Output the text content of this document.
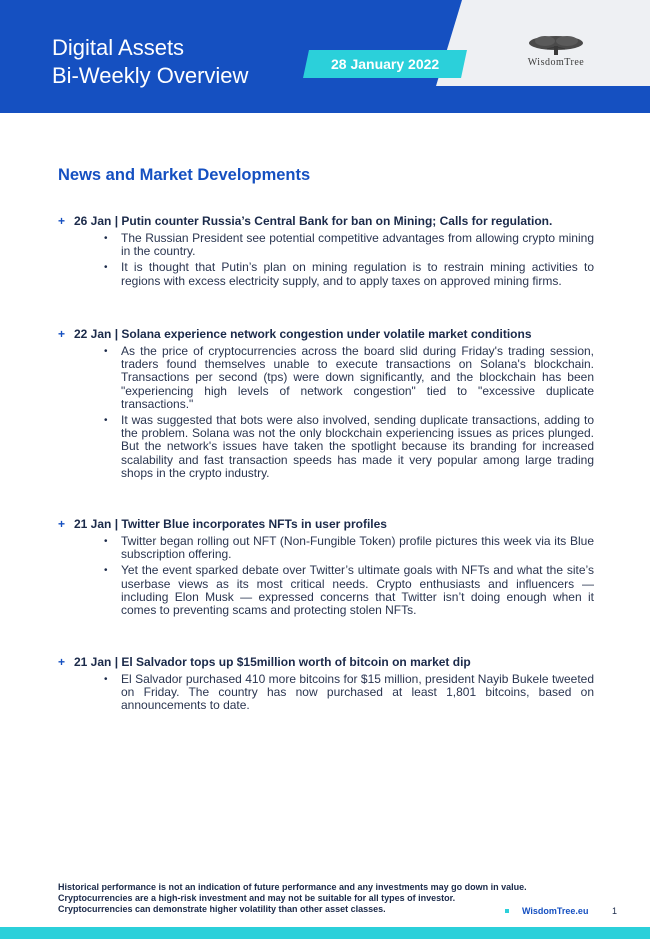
Digital Assets
Bi-Weekly Overview	28 January 2022	WisdomTree
News and Market Developments
+ 26 Jan | Putin counter Russia’s Central Bank for ban on Mining; Calls for regulation.
• The Russian President see potential competitive advantages from allowing crypto mining in the country.
• It is thought that Putin’s plan on mining regulation is to restrain mining activities to regions with excess electricity supply, and to apply taxes on approved mining firms.
+ 22 Jan | Solana experience network congestion under volatile market conditions
• As the price of cryptocurrencies across the board slid during Friday's trading session, traders found themselves unable to execute transactions on Solana's blockchain. Transactions per second (tps) were down significantly, and the blockchain has been "experiencing high levels of network congestion" tied to "excessive duplicate transactions."
• It was suggested that bots were also involved, sending duplicate transactions, adding to the problem. Solana was not the only blockchain experiencing issues as prices plunged. But the network's issues have taken the spotlight because its branding for increased scalability and fast transaction speeds has made it very popular among large trading shops in the crypto industry.
+ 21 Jan | Twitter Blue incorporates NFTs in user profiles
• Twitter began rolling out NFT (Non-Fungible Token) profile pictures this week via its Blue subscription offering.
• Yet the event sparked debate over Twitter’s ultimate goals with NFTs and what the site’s userbase views as its most critical needs. Crypto enthusiasts and influencers — including Elon Musk — expressed concerns that Twitter isn’t doing enough when it comes to preventing scams and protecting stolen NFTs.
+ 21 Jan | El Salvador tops up $15million worth of bitcoin on market dip
• El Salvador purchased 410 more bitcoins for $15 million, president Nayib Bukele tweeted on Friday. The country has now purchased at least 1,801 bitcoins, based on announcements to date.
Historical performance is not an indication of future performance and any investments may go down in value.
Cryptocurrencies are a high-risk investment and may not be suitable for all types of investor.
Cryptocurrencies can demonstrate higher volatility than other asset classes.	WisdomTree.eu	1
